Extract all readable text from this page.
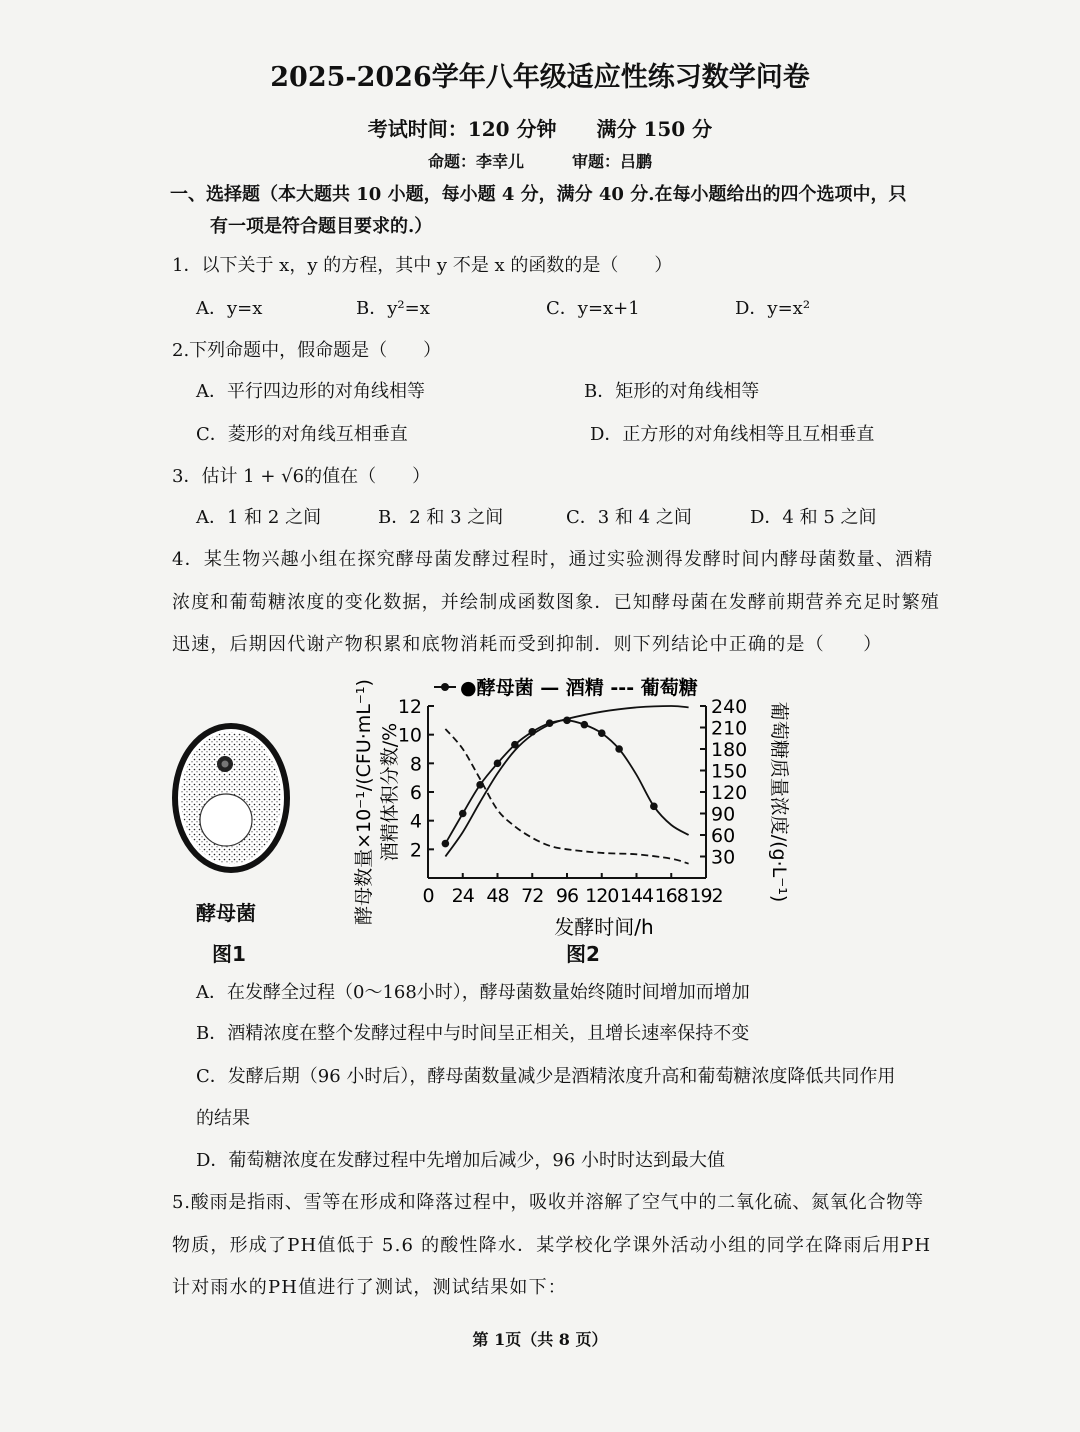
2025-2026学年八年级适应性练习数学问卷
考试时间：120 分钟　　满分 150 分
命题：李幸儿　　　审题：吕鹏
一、选择题（本大题共 10 小题，每小题 4 分，满分 40 分.在每小题给出的四个选项中，只
有一项是符合题目要求的.）
1．以下关于 x，y 的方程，其中 y 不是 x 的函数的是（　　）
A．y=x	B．y²=x	C．y=x+1	D．y=x²
2.下列命题中，假命题是（　　）
A．平行四边形的对角线相等	B．矩形的对角线相等
C．菱形的对角线互相垂直	D．正方形的对角线相等且互相垂直
3．估计 1 + √6的值在（　　）
A．1 和 2 之间	B．2 和 3 之间	C．3 和 4 之间	D．4 和 5 之间
4．某生物兴趣小组在探究酵母菌发酵过程时，通过实验测得发酵时间内酵母菌数量、酒精
浓度和葡萄糖浓度的变化数据，并绘制成函数图象．已知酵母菌在发酵前期营养充足时繁殖
迅速，后期因代谢产物积累和底物消耗而受到抑制．则下列结论中正确的是（　　）
酵母菌
图1
●酵母菌 — 酒精 --- 葡萄糖
2
4
6
8
10
12
30
60
90
120
150
180
210
240
0 24 48 72 96 120 144 168 192
发酵时间/h
酵母数量×10⁻¹/(CFU·mL⁻¹) 酒精体积分数/%	葡萄糖质量浓度/(g·L⁻¹)
图2
A．在发酵全过程（0～168小时），酵母菌数量始终随时间增加而增加
B．酒精浓度在整个发酵过程中与时间呈正相关，且增长速率保持不变
C．发酵后期（96 小时后），酵母菌数量减少是酒精浓度升高和葡萄糖浓度降低共同作用
的结果
D．葡萄糖浓度在发酵过程中先增加后减少，96 小时时达到最大值
5.酸雨是指雨、雪等在形成和降落过程中，吸收并溶解了空气中的二氧化硫、氮氧化合物等
物质，形成了PH值低于 5.6 的酸性降水．某学校化学课外活动小组的同学在降雨后用PH
计对雨水的PH值进行了测试，测试结果如下：
第 1页（共 8 页）
